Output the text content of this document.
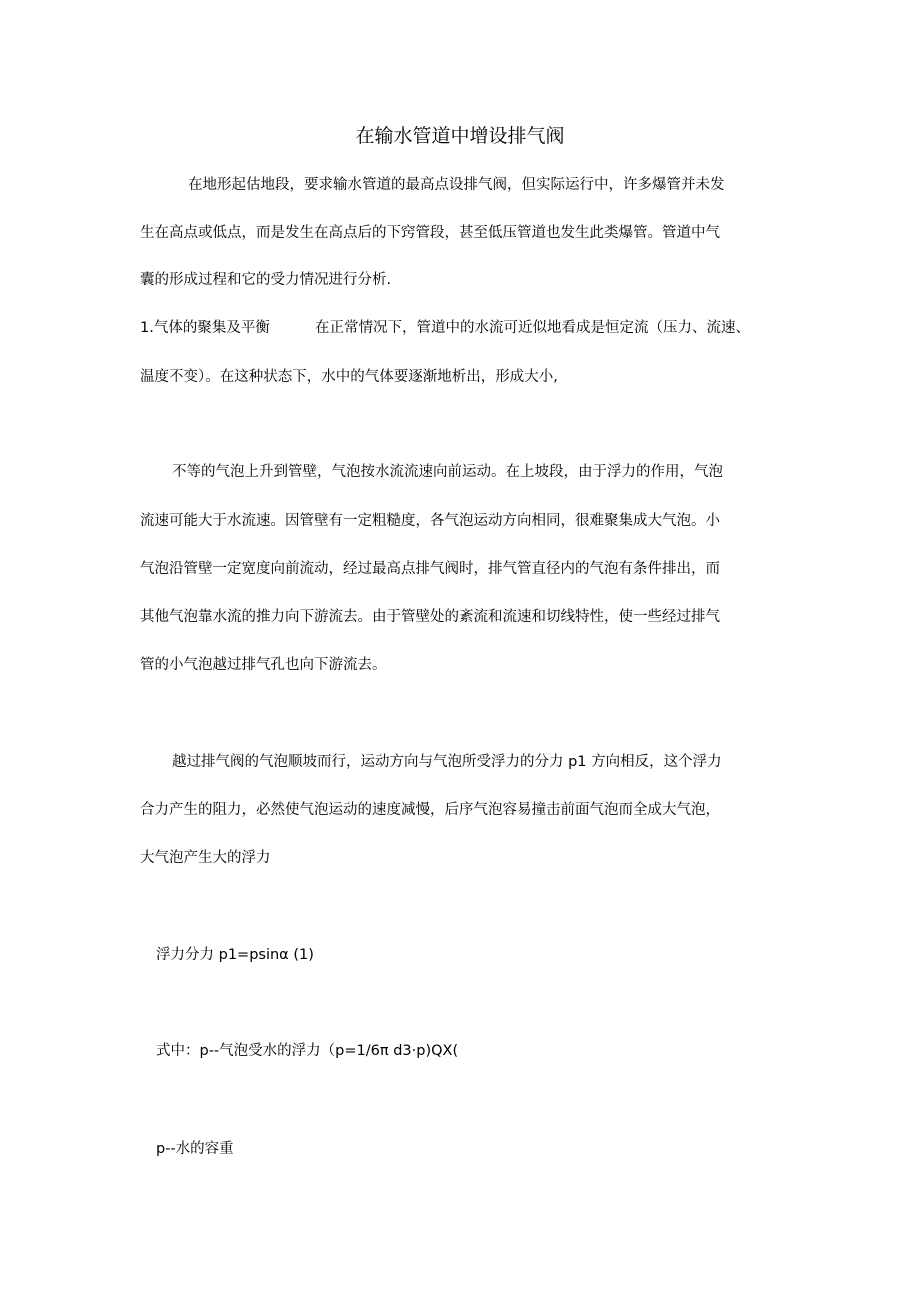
在输水管道中增设排气阀
在地形起估地段，要求输水管道的最高点设排气阀，但实际运行中，许多爆管并未发
生在高点或低点，而是发生在高点后的下窍管段，甚至低压管道也发生此类爆管。管道中气
囊的形成过程和它的受力情况进行分析.
1.气体的聚集及平衡	在正常情况下，管道中的水流可近似地看成是恒定流（压力、流速、
温度不变）。在这种状态下，水中的气体要逐渐地析出，形成大小,
不等的气泡上升到管壁，气泡按水流流速向前运动。在上坡段，由于浮力的作用，气泡
流速可能大于水流速。因管壁有一定粗糙度，各气泡运动方向相同，很难聚集成大气泡。小
气泡沿管壁一定宽度向前流动，经过最高点排气阀时，排气管直径内的气泡有条件排出，而
其他气泡靠水流的推力向下游流去。由于管壁处的紊流和流速和切线特性，使一些经过排气
管的小气泡越过排气孔也向下游流去。
越过排气阀的气泡顺坡而行，运动方向与气泡所受浮力的分力 p1 方向相反，这个浮力
合力产生的阻力，必然使气泡运动的速度减慢，后序气泡容易撞击前面气泡而全成大气泡，
大气泡产生大的浮力
浮力分力 p1=psinα (1)
式中：p--气泡受水的浮力（p=1/6π d3·p)QX(
p--水的容重
